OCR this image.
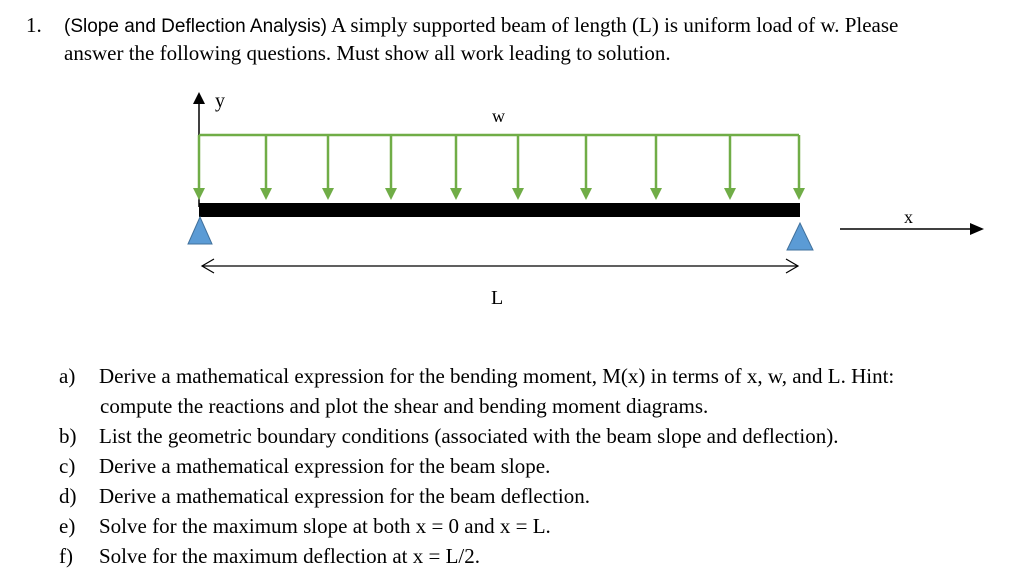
1. (Slope and Deflection Analysis) A simply supported beam of length (L) is uniform load of w. Please
answer the following questions. Must show all work leading to solution.
y
w
x
L
a) Derive a mathematical expression for the bending moment, M(x) in terms of x, w, and L. Hint:
compute the reactions and plot the shear and bending moment diagrams.
b) List the geometric boundary conditions (associated with the beam slope and deflection).
c) Derive a mathematical expression for the beam slope.
d) Derive a mathematical expression for the beam deflection.
e) Solve for the maximum slope at both x = 0 and x = L.
f) Solve for the maximum deflection at x = L/2.
